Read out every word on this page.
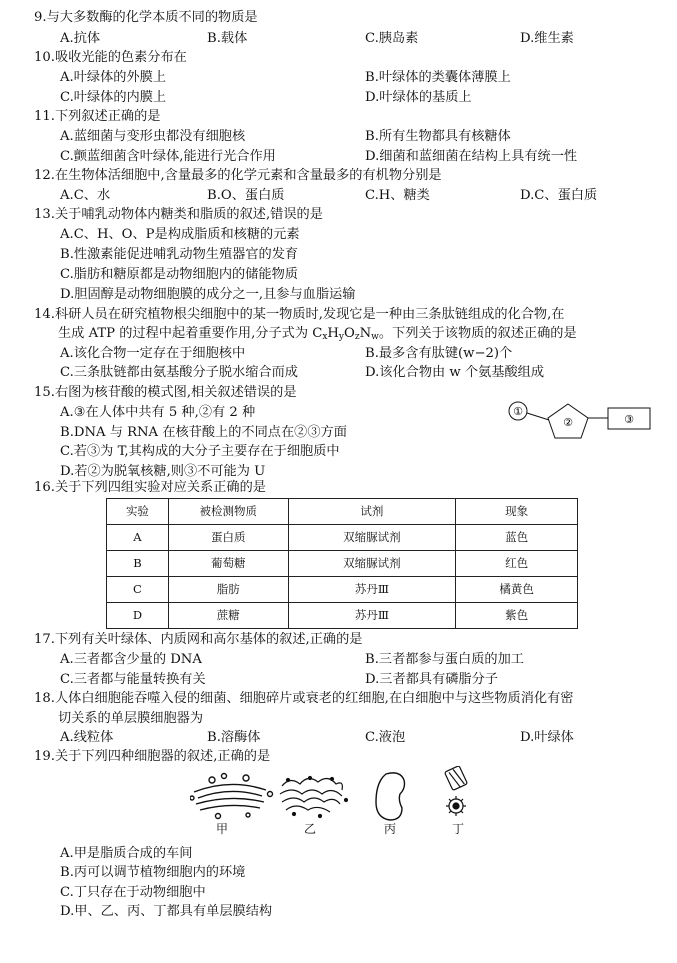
9.与大多数酶的化学本质不同的物质是
A.抗体	B.载体	C.胰岛素	D.维生素
10.吸收光能的色素分布在
A.叶绿体的外膜上	B.叶绿体的类囊体薄膜上
C.叶绿体的内膜上	D.叶绿体的基质上
11.下列叙述正确的是
A.蓝细菌与变形虫都没有细胞核	B.所有生物都具有核糖体
C.颤蓝细菌含叶绿体,能进行光合作用	D.细菌和蓝细菌在结构上具有统一性
12.在生物体活细胞中,含量最多的化学元素和含量最多的有机物分别是
A.C、水	B.O、蛋白质	C.H、糖类	D.C、蛋白质
13.关于哺乳动物体内糖类和脂质的叙述,错误的是
A.C、H、O、P是构成脂质和核糖的元素
B.性激素能促进哺乳动物生殖器官的发育
C.脂肪和糖原都是动物细胞内的储能物质
D.胆固醇是动物细胞膜的成分之一,且参与血脂运输
14.科研人员在研究植物根尖细胞中的某一物质时,发现它是一种由三条肽链组成的化合物,在
生成 ATP 的过程中起着重要作用,分子式为 $C_xH_yO_zN_w$。下列关于该物质的叙述正确的是
A.该化合物一定存在于细胞核中	B.最多含有肽键(w−2)个
C.三条肽链都由氨基酸分子脱水缩合而成	D.该化合物由 w 个氨基酸组成
15.右图为核苷酸的模式图,相关叙述错误的是
A.③在人体中共有 5 种,②有 2 种
B.DNA 与 RNA 在核苷酸上的不同点在②③方面
C.若③为 T,其构成的大分子主要存在于细胞质中
D.若②为脱氧核糖,则③不可能为 U
①
②	③
16.关于下列四组实验对应关系正确的是
实验	被检测物质	试剂	现象
A	蛋白质	双缩脲试剂	蓝色
B	葡萄糖	双缩脲试剂	红色
C	脂肪	苏丹Ⅲ	橘黄色
D	蔗糖	苏丹Ⅲ	紫色
17.下列有关叶绿体、内质网和高尔基体的叙述,正确的是
A.三者都含少量的 DNA	B.三者都参与蛋白质的加工
C.三者都与能量转换有关	D.三者都具有磷脂分子
18.人体白细胞能吞噬入侵的细菌、细胞碎片或衰老的红细胞,在白细胞中与这些物质消化有密
切关系的单层膜细胞器为
A.线粒体	B.溶酶体	C.液泡	D.叶绿体
19.关于下列四种细胞器的叙述,正确的是
甲	乙	丙	丁
A.甲是脂质合成的车间
B.丙可以调节植物细胞内的环境
C.丁只存在于动物细胞中
D.甲、乙、丙、丁都具有单层膜结构
